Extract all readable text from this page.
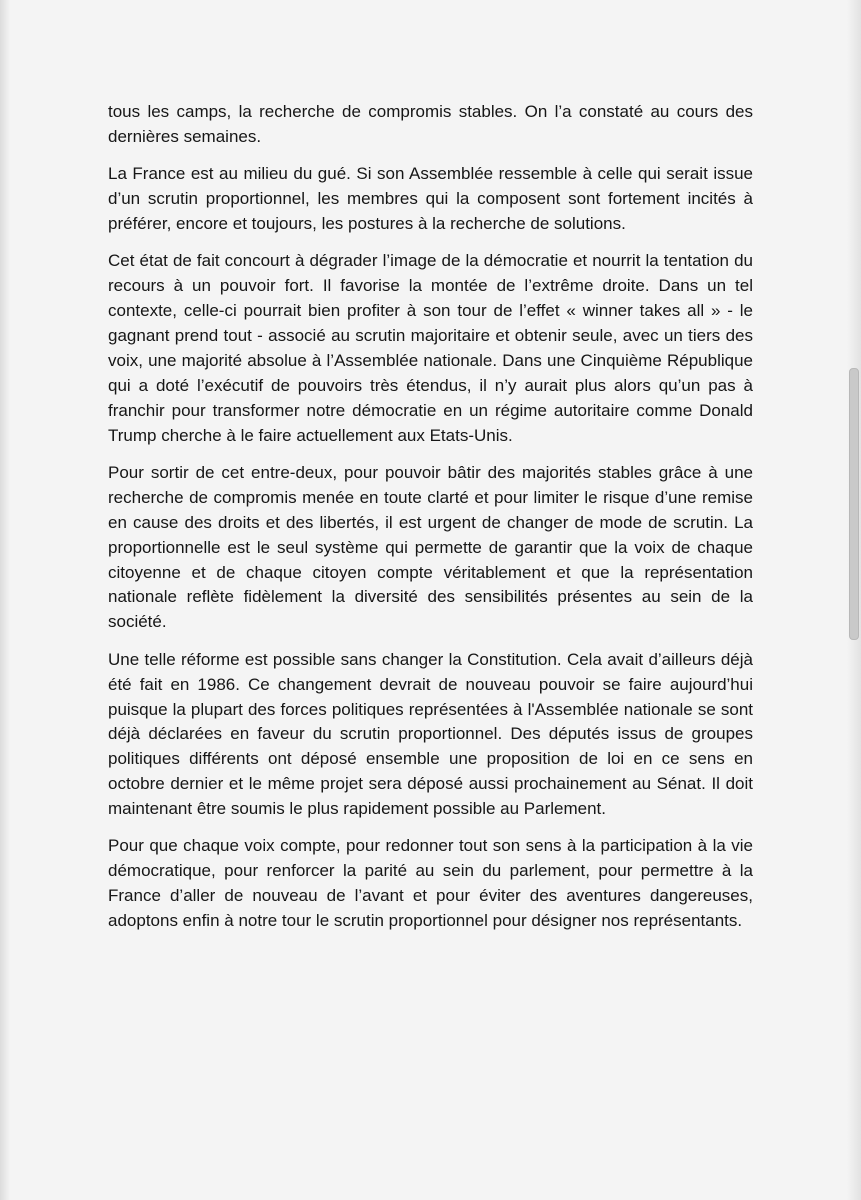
tous les camps, la recherche de compromis stables. On l’a constaté au cours des dernières semaines.

La France est au milieu du gué. Si son Assemblée ressemble à celle qui serait issue d’un scrutin proportionnel, les membres qui la composent sont fortement incités à préférer, encore et toujours, les postures à la recherche de solutions.

Cet état de fait concourt à dégrader l’image de la démocratie et nourrit la tentation du recours à un pouvoir fort. Il favorise la montée de l’extrême droite. Dans un tel contexte, celle-ci pourrait bien profiter à son tour de l’effet « winner takes all » - le gagnant prend tout - associé au scrutin majoritaire et obtenir seule, avec un tiers des voix, une majorité absolue à l’Assemblée nationale. Dans une Cinquième République qui a doté l’exécutif de pouvoirs très étendus, il n’y aurait plus alors qu’un pas à franchir pour transformer notre démocratie en un régime autoritaire comme Donald Trump cherche à le faire actuellement aux Etats-Unis.

Pour sortir de cet entre-deux, pour pouvoir bâtir des majorités stables grâce à une recherche de compromis menée en toute clarté et pour limiter le risque d’une remise en cause des droits et des libertés, il est urgent de changer de mode de scrutin. La proportionnelle est le seul système qui permette de garantir que la voix de chaque citoyenne et de chaque citoyen compte véritablement et que la représentation nationale reflète fidèlement la diversité des sensibilités présentes au sein de la société.

Une telle réforme est possible sans changer la Constitution. Cela avait d’ailleurs déjà été fait en 1986. Ce changement devrait de nouveau pouvoir se faire aujourd’hui puisque la plupart des forces politiques représentées à l'Assemblée nationale se sont déjà déclarées en faveur du scrutin proportionnel. Des députés issus de groupes politiques différents ont déposé ensemble une proposition de loi en ce sens en octobre dernier et le même projet sera déposé aussi prochainement au Sénat. Il doit maintenant être soumis le plus rapidement possible au Parlement.

Pour que chaque voix compte, pour redonner tout son sens à la participation à la vie démocratique, pour renforcer la parité au sein du parlement, pour permettre à la France d’aller de nouveau de l’avant et pour éviter des aventures dangereuses, adoptons enfin à notre tour le scrutin proportionnel pour désigner nos représentants.
